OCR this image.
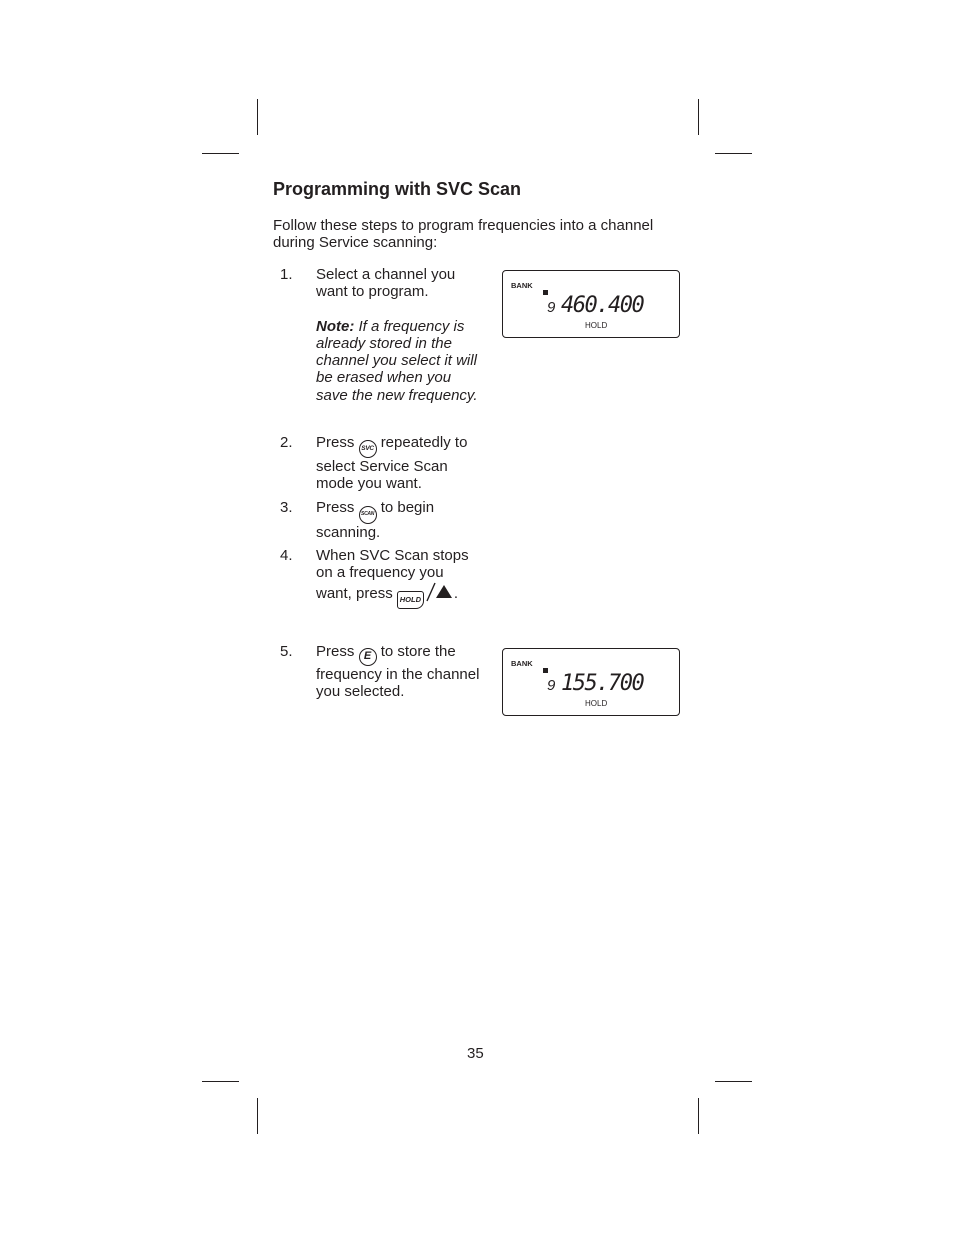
Programming with SVC Scan

Follow these steps to program frequencies into a channel during Service scanning:

1. Select a channel you want to program.
Note: If a frequency is already stored in the channel you select it will be erased when you save the new frequency.
2. Press SVC repeatedly to select Service Scan mode you want.
3. Press SCAN to begin scanning.
4. When SVC Scan stops on a frequency you want, press HOLD .
5. Press E to store the frequency in the channel you selected.
BANK
9 460.400
HOLD
BANK
9 155.700
HOLD
35
